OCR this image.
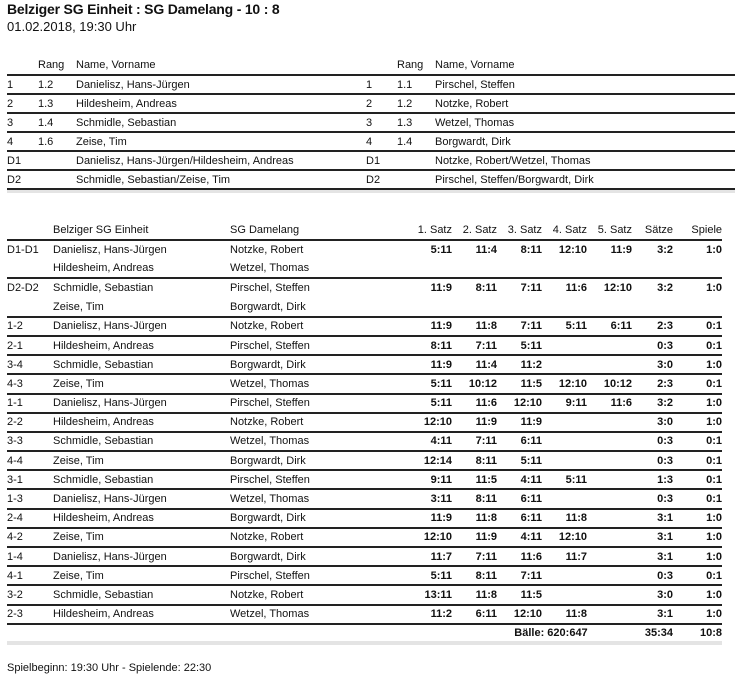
Belziger SG Einheit : SG Damelang - 10 : 8
01.02.2018, 19:30 Uhr
	Rang	Name, Vorname
1	1.2	Danielisz, Hans-Jürgen
2	1.3	Hildesheim, Andreas
3	1.4	Schmidle, Sebastian
4	1.6	Zeise, Tim
D1		Danielisz, Hans-Jürgen/Hildesheim, Andreas
D2		Schmidle, Sebastian/Zeise, Tim

	Rang	Name, Vorname
1	1.1	Pirschel, Steffen
2	1.2	Notzke, Robert
3	1.3	Wetzel, Thomas
4	1.4	Borgwardt, Dirk
D1		Notzke, Robert/Wetzel, Thomas
D2		Pirschel, Steffen/Borgwardt, Dirk

	Belziger SG Einheit	SG Damelang	1. Satz	2. Satz	3. Satz	4. Satz	5. Satz	Sätze	Spiele
D1-D1	Danielisz, Hans-Jürgen	Notzke, Robert	5:11	11:4	8:11	12:10	11:9	3:2	1:0
	Hildesheim, Andreas	Wetzel, Thomas							
D2-D2	Schmidle, Sebastian	Pirschel, Steffen	11:9	8:11	7:11	11:6	12:10	3:2	1:0
	Zeise, Tim	Borgwardt, Dirk							
1-2	Danielisz, Hans-Jürgen	Notzke, Robert	11:9	11:8	7:11	5:11	6:11	2:3	0:1
2-1	Hildesheim, Andreas	Pirschel, Steffen	8:11	7:11	5:11			0:3	0:1
3-4	Schmidle, Sebastian	Borgwardt, Dirk	11:9	11:4	11:2			3:0	1:0
4-3	Zeise, Tim	Wetzel, Thomas	5:11	10:12	11:5	12:10	10:12	2:3	0:1
1-1	Danielisz, Hans-Jürgen	Pirschel, Steffen	5:11	11:6	12:10	9:11	11:6	3:2	1:0
2-2	Hildesheim, Andreas	Notzke, Robert	12:10	11:9	11:9			3:0	1:0
3-3	Schmidle, Sebastian	Wetzel, Thomas	4:11	7:11	6:11			0:3	0:1
4-4	Zeise, Tim	Borgwardt, Dirk	12:14	8:11	5:11			0:3	0:1
3-1	Schmidle, Sebastian	Pirschel, Steffen	9:11	11:5	4:11	5:11		1:3	0:1
1-3	Danielisz, Hans-Jürgen	Wetzel, Thomas	3:11	8:11	6:11			0:3	0:1
2-4	Hildesheim, Andreas	Borgwardt, Dirk	11:9	11:8	6:11	11:8		3:1	1:0
4-2	Zeise, Tim	Notzke, Robert	12:10	11:9	4:11	12:10		3:1	1:0
1-4	Danielisz, Hans-Jürgen	Borgwardt, Dirk	11:7	7:11	11:6	11:7		3:1	1:0
4-1	Zeise, Tim	Pirschel, Steffen	5:11	8:11	7:11			0:3	0:1
3-2	Schmidle, Sebastian	Notzke, Robert	13:11	11:8	11:5			3:0	1:0
2-3	Hildesheim, Andreas	Wetzel, Thomas	11:2	6:11	12:10	11:8		3:1	1:0
			Bälle: 620:647					35:34	10:8
Spielbeginn: 19:30 Uhr - Spielende: 22:30
